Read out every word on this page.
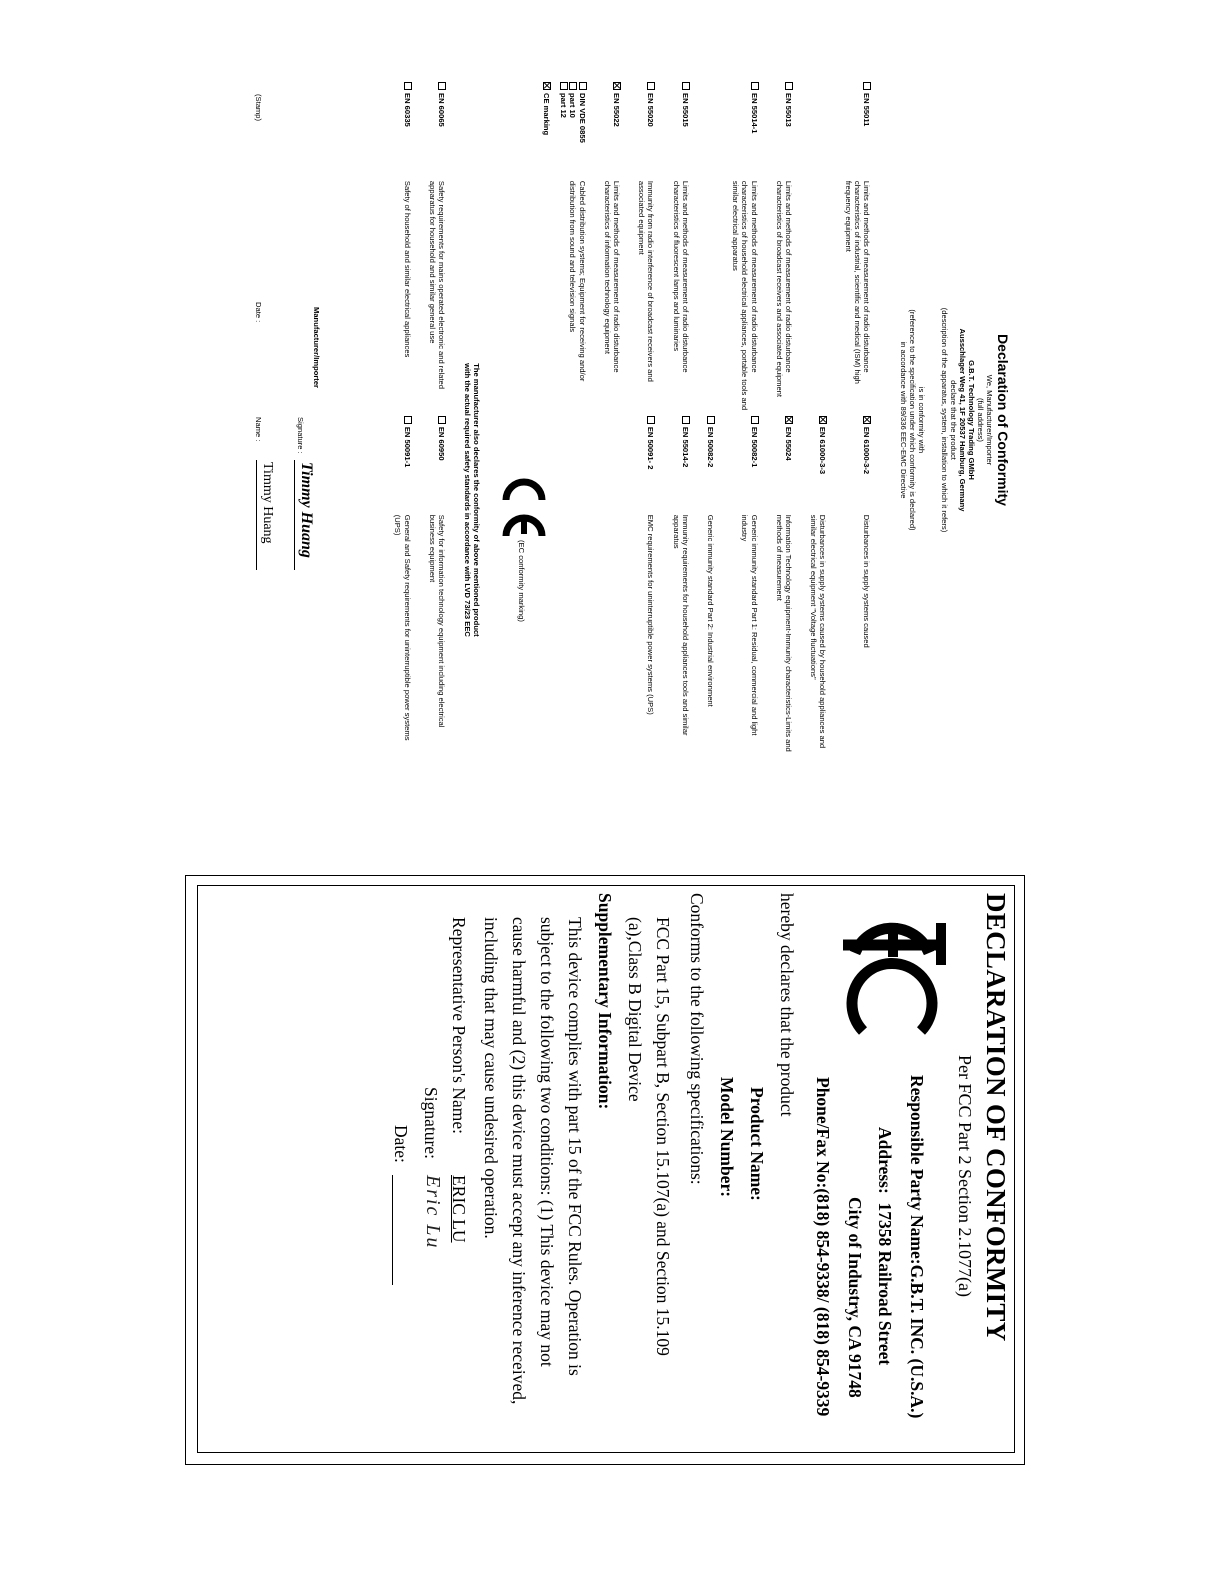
Declaration of Conformity
We, Manufacturer/Importer
(full address)
G.B.T. Technology Trading GMbH
Ausschlager Weg 41, 1F 20537 Hamburg, Germany
declare that the product
(description of the apparatus, system, installation to which it refers)
is in conformity with
(reference to the specification under which conformity is declared)
in accordance with 89/336 EEC-EMC Directive
EN 55011	Limits and methods of measurement of radio disturbance characteristics of industrial, scientific and medical (ISM) high frequency equipment	EN 61000-3-2	Disturbances in supply systems caused
		EN 61000-3-3	Disturbances in supply systems caused by household appliances and similar electrical equipment "Voltage fluctuations"

EN 55013	Limits and methods of measurement of radio disturbance characteristics of broadcast receivers and associated equipment	EN 55024	Information Technology equipment-Immunity characteristics-Limits and methods of measurement

EN 55014-1	Limits and methods of measurement of radio disturbance characteristics of household electrical appliances, portable tools and similar electrical apparatus	EN 50082-1	Generic immunity standard Part 1: Residual, commercial and light industry
		EN 50082-2	Generic immunity standard Part 2: Industrial environment

EN 55015	Limits and methods of measurement of radio disturbance characteristics of fluorescent lamps and luminaries	EN 55014-2	Immunity requirements for household appliances tools and similar apparatus

EN 55020	Immunity from radio interference of broadcast receivers and associated equipment	EN 50091- 2	EMC requirements for uninterruptible power systems (UPS)

EN 55022	Limits and methods of measurement of radio disturbance characteristics of information technology equipment		

DIN VDE 0855
part 10
part 12	Cabled distribution systems; Equipment for receiving and/or distribution from sound and television signals		
CE marking
(EC conformity marking)
The manufacturer also declares the conformity of above mentioned product
with the actual required safety standards in accordance with LVD 73/23 EEC
EN 60065	Safety requirements for mains operated electronic and related apparatus for household and similar general use	EN 60950	Safety for information technology equipment including electrical business equipment
EN 60335	Safety of household and similar electrical appliances	EN 50091-1	General and Safety requirements for uninterruptible power systems (UPS)
Manufacturer/Importer
Signature :
Timmy Huang
(Stamp)
Date :
Name :
Timmy Huang
DECLARATION OF CONFORMITY
Per FCC Part 2 Section 2.1077(a)
Responsible Party Name:G.B.T. INC. (U.S.A.)
Address:  17358 Railroad Street
City of Industry, CA 91748
Phone/Fax No:(818) 854-9338/ (818) 854-9339
hereby declares that the product
Product Name:
Model Number:
Conforms to the following specifications:
FCC Part 15, Subpart B, Section 15.107(a) and Section 15.109
(a),Class B Digital Device
Supplementary Information:
This device complies with part 15 of the FCC Rules. Operation is
subject to the following two conditions: (1) This device may not
cause harmful and (2) this device must accept any inference received,
including that may cause undesired operation.
Representative Person's Name:
ERIC LU
Signature:
Eric Lu
Date:
